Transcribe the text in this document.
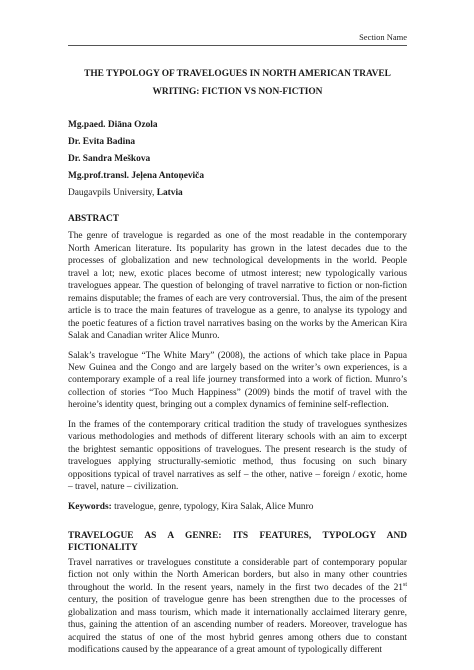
Section Name
THE TYPOLOGY OF TRAVELOGUES IN NORTH AMERICAN TRAVEL
WRITING: FICTION VS NON-FICTION

Mg.paed. Diāna Ozola

Dr. Evita Badina

Dr. Sandra Meškova

Mg.prof.transl. Jeļena Antoņeviča

Daugavpils University, Latvia

ABSTRACT

The genre of travelogue is regarded as one of the most readable in the contemporary North American literature. Its popularity has grown in the latest decades due to the processes of globalization and new technological developments in the world. People travel a lot; new, exotic places become of utmost interest; new typologically various travelogues appear. The question of belonging of travel narrative to fiction or non-fiction remains disputable; the frames of each are very controversial. Thus, the aim of the present article is to trace the main features of travelogue as a genre, to analyse its typology and the poetic features of a fiction travel narratives basing on the works by the American Kira Salak and Canadian writer Alice Munro.

Salak’s travelogue “The White Mary” (2008), the actions of which take place in Papua New Guinea and the Congo and are largely based on the writer’s own experiences, is a contemporary example of a real life journey transformed into a work of fiction. Munro’s collection of stories “Too Much Happiness” (2009) binds the motif of travel with the heroine’s identity quest, bringing out a complex dynamics of feminine self-reflection.

In the frames of the contemporary critical tradition the study of travelogues synthesizes various methodologies and methods of different literary schools with an aim to excerpt the brightest semantic oppositions of travelogues. The present research is the study of travelogues applying structurally-semiotic method, thus focusing on such binary oppositions typical of travel narratives as self – the other, native – foreign / exotic, home – travel, nature – civilization.

Keywords: travelogue, genre, typology, Kira Salak, Alice Munro

TRAVELOGUE AS A GENRE: ITS FEATURES, TYPOLOGY AND FICTIONALITY

Travel narratives or travelogues constitute a considerable part of contemporary popular fiction not only within the North American borders, but also in many other countries throughout the world. In the resent years, namely in the first two decades of the 21st century, the position of travelogue genre has been strengthen due to the processes of globalization and mass tourism, which made it internationally acclaimed literary genre, thus, gaining the attention of an ascending number of readers. Moreover, travelogue has acquired the status of one of the most hybrid genres among others due to constant modifications caused by the appearance of a great amount of typologically different
